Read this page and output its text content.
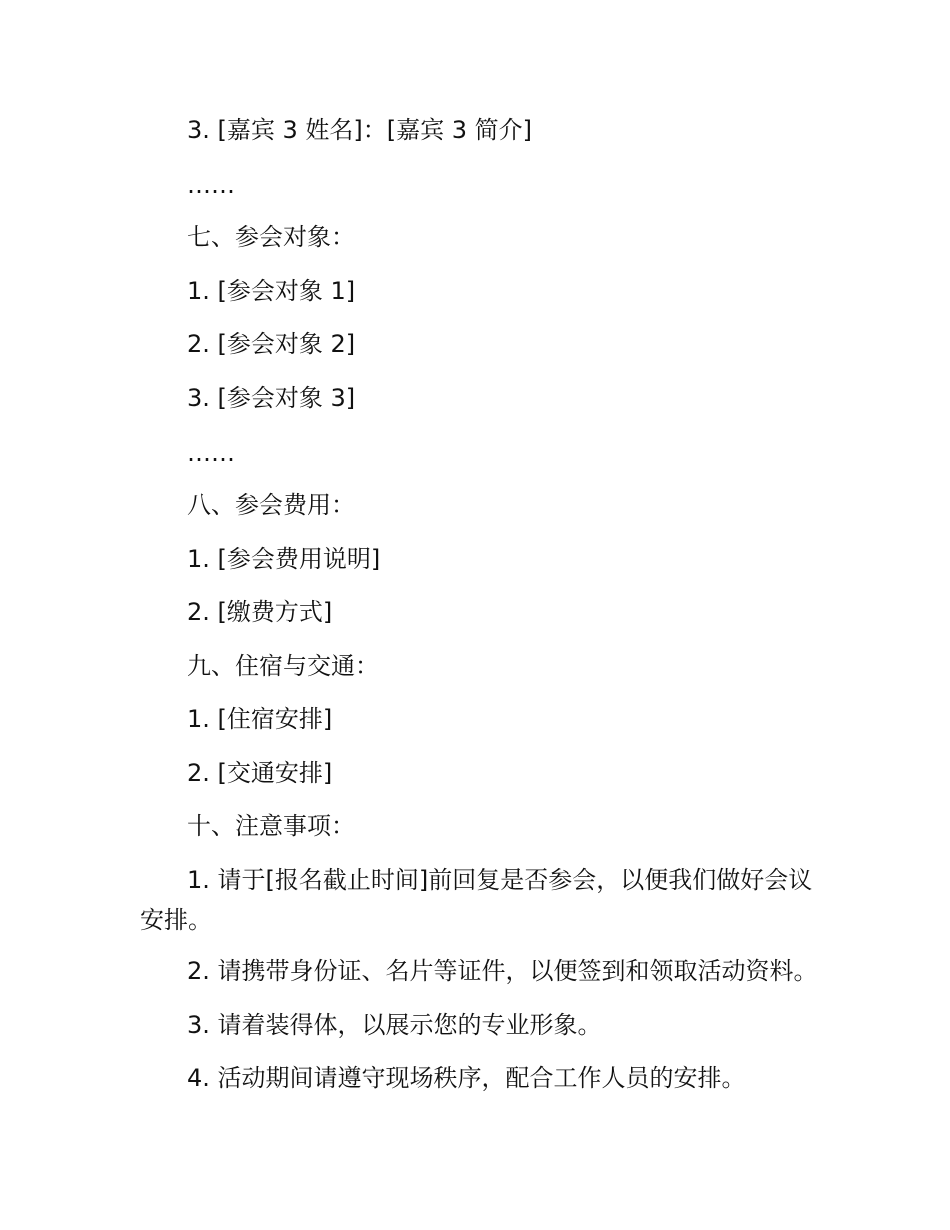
3. [嘉宾 3 姓名]：[嘉宾 3 简介]

……

七、参会对象：

1. [参会对象 1]

2. [参会对象 2]

3. [参会对象 3]

……

八、参会费用：

1. [参会费用说明]

2. [缴费方式]

九、住宿与交通：

1. [住宿安排]

2. [交通安排]

十、注意事项：

1. 请于[报名截止时间]前回复是否参会，以便我们做好会议安排。

2. 请携带身份证、名片等证件，以便签到和领取活动资料。

3. 请着装得体，以展示您的专业形象。

4. 活动期间请遵守现场秩序，配合工作人员的安排。
